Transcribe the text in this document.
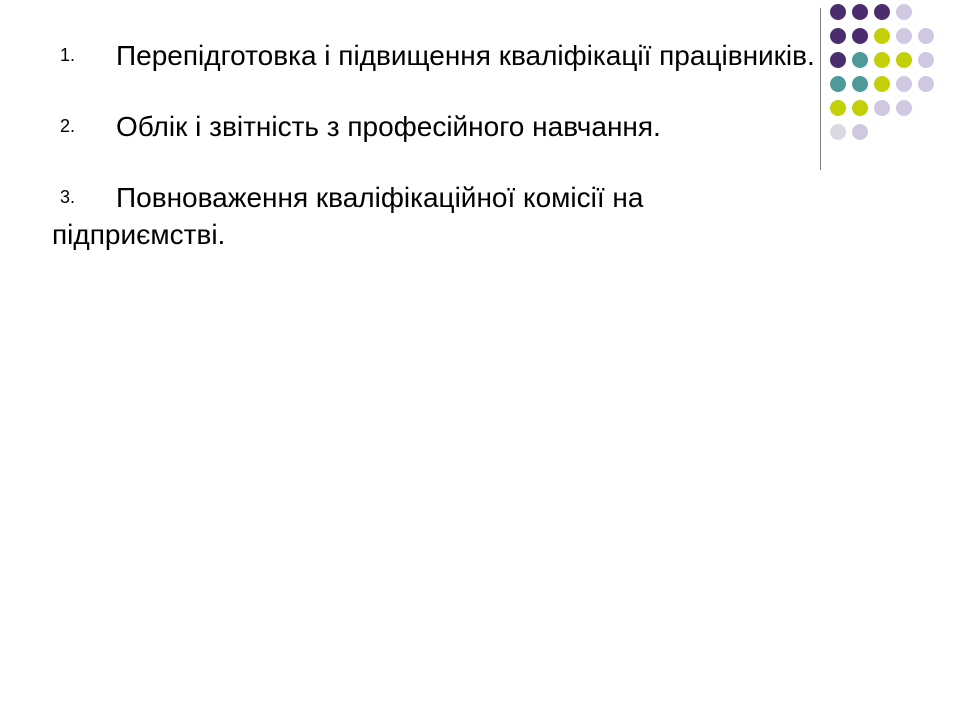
1. Перепідготовка і підвищення кваліфікації працівників.
2. Облік і звітність з професійного навчання.
3. Повноваження кваліфікаційної комісії на
підприємстві.
